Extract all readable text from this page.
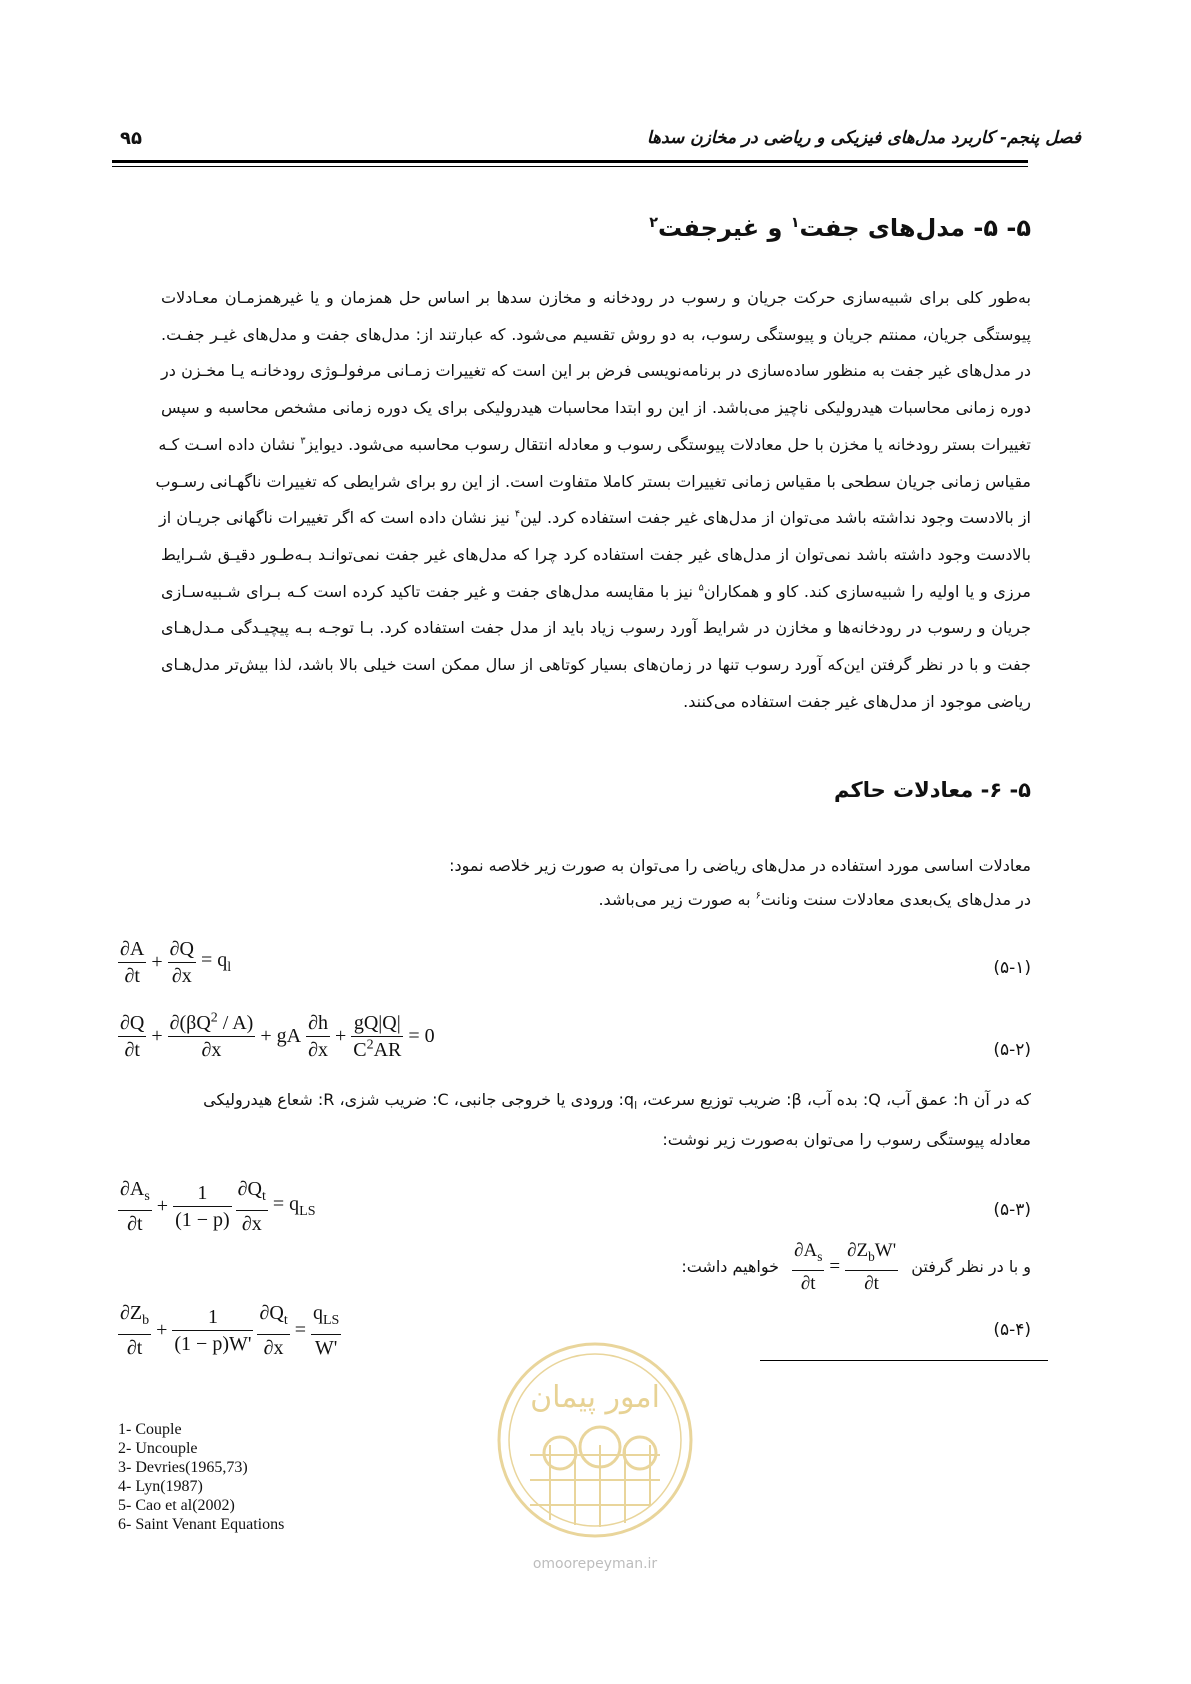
فصل پنجم- کاربرد مدل‌های فیزیکی و ریاضی در مخازن سدها
۹۵
۵- ۵- مدل‌های جفت$^۱$ و غیرجفت$^۲$
به‌طور کلی برای شبیه‌سازی حرکت جریان و رسوب در رودخانه و مخازن سدها بر اساس حل همزمان و یا غیرهمزمـان معـادلات
پیوستگی جریان، ممنتم جریان و پیوستگی رسوب، به دو روش تقسیم می‌شود. که عبارتند از: مدل‌های جفت و مدل‌های غیـر جفـت.
در مدل‌های غیر جفت به منظور ساده‌سازی در برنامه‌نویسی فرض بر این است که تغییرات زمـانی مرفولـوژی رودخانـه یـا مخـزن در
دوره زمانی محاسبات هیدرولیکی ناچیز می‌باشد. از این رو ابتدا محاسبات هیدرولیکی برای یک دوره زمانی مشخص محاسبه و سپس
تغییرات بستر رودخانه یا مخزن با حل معادلات پیوستگی رسوب و معادله انتقال رسوب محاسبه می‌شود. دیوایز$^۳$ نشان داده اسـت کـه
مقیاس زمانی جریان سطحی با مقیاس زمانی تغییرات بستر کاملا متفاوت است. از این رو برای شرایطی که تغییرات ناگهـانی رسـوب
از بالادست وجود نداشته باشد می‌توان از مدل‌های غیر جفت استفاده کرد. لین$^۴$ نیز نشان داده است که اگر تغییرات ناگهانی جریـان از
بالادست وجود داشته باشد نمی‌توان از مدل‌های غیر جفت استفاده کرد چرا که مدل‌های غیر جفت نمی‌توانـد بـه‌طـور دقیـق شـرایط
مرزی و یا اولیه را شبیه‌سازی کند. کاو و همکاران$^۵$ نیز با مقایسه مدل‌های جفت و غیر جفت تاکید کرده است کـه بـرای شـبیه‌سـازی
جریان و رسوب در رودخانه‌ها و مخازن در شرایط آورد رسوب زیاد باید از مدل جفت استفاده کرد. بـا توجـه بـه پیچیـدگی مـدل‌هـای
جفت و با در نظر گرفتن این‌که آورد رسوب تنها در زمان‌های بسیار کوتاهی از سال ممکن است خیلی بالا باشد، لذا بیش‌تر مدل‌هـای
ریاضی موجود از مدل‌های غیر جفت استفاده می‌کنند.
۵- ۶- معادلات حاکم
معادلات اساسی مورد استفاده در مدل‌های ریاضی را می‌توان به صورت زیر خلاصه نمود:
در مدل‌های یک‌بعدی معادلات سنت ونانت$^۶$ به صورت زیر می‌باشد.
$\frac{\partial A}{\partial t} + \frac{\partial Q}{\partial x} = q_l$	(۵-۱)
$\frac{\partial Q}{\partial t} + \frac{\partial(\beta Q^2 / A)}{\partial x}$ + gA $\frac{\partial h}{\partial x} + \frac{gQ|Q|}{C^2AR} = 0$
(۵-۲)
که در آن h: عمق آب، Q: بده آب، β: ضریب توزیع سرعت، $q_l$: ورودی یا خروجی جانبی، C: ضریب شزی، R: شعاع هیدرولیکی
معادله پیوستگی رسوب را می‌توان به‌صورت زیر نوشت:
$\frac{\partial A_s}{\partial t} + \frac{1}{(1 - p)} \frac{\partial Q_t}{\partial x} = q_{LS}$	(۵-۳)
و با در نظر گرفتن
$\frac{\partial A_s}{\partial t} = \frac{\partial Z_bW'}{\partial t}$
خواهیم داشت:
$\frac{\partial Z_b}{\partial t} + \frac{1}{(1 - p)W'} \frac{\partial Q_t}{\partial x} = \frac{q_{LS}}{W'}$	(۵-۴)
امور پیمان
omoorepeyman.ir
1- Couple
2- Uncouple
3- Devries(1965,73)
4- Lyn(1987)
5- Cao et al(2002)
6- Saint Venant Equations
